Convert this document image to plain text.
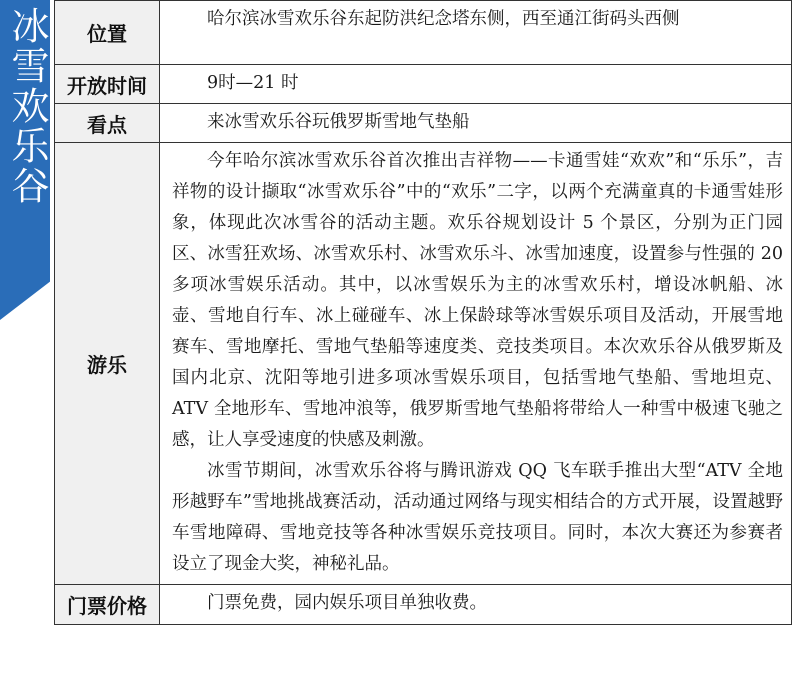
冰雪欢乐谷 位置	哈尔滨冰雪欢乐谷东起防洪纪念塔东侧，西至通江街码头西侧

开放时间	9时—21 时

看点	来冰雪欢乐谷玩俄罗斯雪地气垫船

游乐	今年哈尔滨冰雪欢乐谷首次推出吉祥物——卡通雪娃“欢欢”和“乐乐”，吉祥物的设计撷取“冰雪欢乐谷”中的“欢乐”二字，以两个充满童真的卡通雪娃形象，体现此次冰雪谷的活动主题。欢乐谷规划设计 5 个景区，分别为正门园区、冰雪狂欢场、冰雪欢乐村、冰雪欢乐斗、冰雪加速度，设置参与性强的 20 多项冰雪娱乐活动。其中，以冰雪娱乐为主的冰雪欢乐村，增设冰帆船、冰壶、雪地自行车、冰上碰碰车、冰上保龄球等冰雪娱乐项目及活动，开展雪地赛车、雪地摩托、雪地气垫船等速度类、竞技类项目。本次欢乐谷从俄罗斯及国内北京、沈阳等地引进多项冰雪娱乐项目，包括雪地气垫船、雪地坦克、ATV 全地形车、雪地冲浪等，俄罗斯雪地气垫船将带给人一种雪中极速飞驰之感，让人享受速度的快感及刺激。
冰雪节期间，冰雪欢乐谷将与腾讯游戏 QQ 飞车联手推出大型“ATV 全地形越野车”雪地挑战赛活动，活动通过网络与现实相结合的方式开展，设置越野车雪地障碍、雪地竞技等各种冰雪娱乐竞技项目。同时，本次大赛还为参赛者设立了现金大奖，神秘礼品。

门票价格	门票免费，园内娱乐项目单独收费。
